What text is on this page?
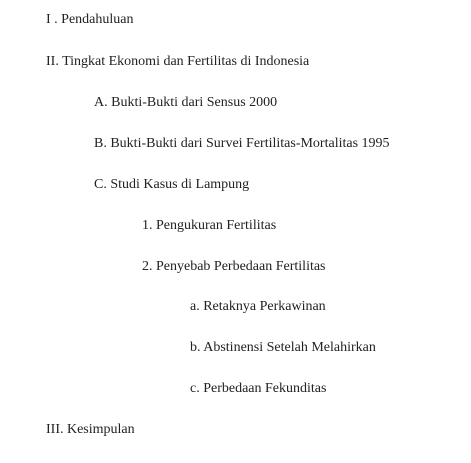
I . Pendahuluan
II. Tingkat Ekonomi dan Fertilitas di Indonesia
A. Bukti-Bukti dari Sensus 2000
B. Bukti-Bukti dari Survei Fertilitas-Mortalitas 1995
C. Studi Kasus di Lampung
1. Pengukuran Fertilitas
2. Penyebab Perbedaan Fertilitas
a. Retaknya Perkawinan
b. Abstinensi Setelah Melahirkan
c. Perbedaan Fekunditas
III. Kesimpulan
